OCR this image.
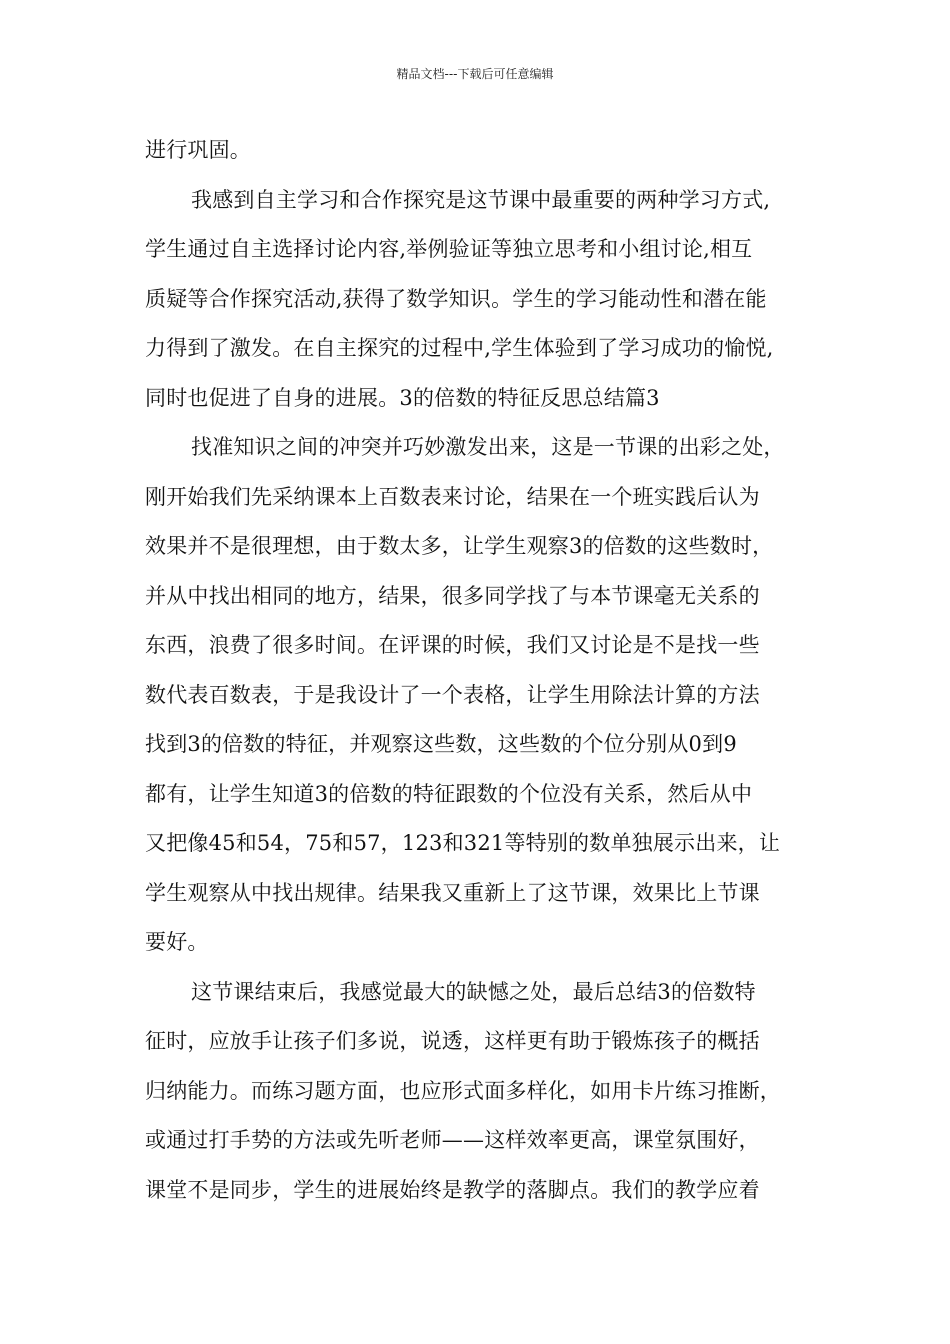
精品文档---下载后可任意编辑
进行巩固。
我感到自主学习和合作探究是这节课中最重要的两种学习方式,
学生通过自主选择讨论内容,举例验证等独立思考和小组讨论,相互
质疑等合作探究活动,获得了数学知识。学生的学习能动性和潜在能
力得到了激发。在自主探究的过程中,学生体验到了学习成功的愉悦,
同时也促进了自身的进展。3的倍数的特征反思总结篇3
找准知识之间的冲突并巧妙激发出来，这是一节课的出彩之处，
刚开始我们先采纳课本上百数表来讨论，结果在一个班实践后认为
效果并不是很理想，由于数太多，让学生观察3的倍数的这些数时，
并从中找出相同的地方，结果，很多同学找了与本节课毫无关系的
东西，浪费了很多时间。在评课的时候，我们又讨论是不是找一些
数代表百数表，于是我设计了一个表格，让学生用除法计算的方法
找到3的倍数的特征，并观察这些数，这些数的个位分别从0到9
都有，让学生知道3的倍数的特征跟数的个位没有关系，然后从中
又把像45和54，75和57，123和321等特别的数单独展示出来，让
学生观察从中找出规律。结果我又重新上了这节课，效果比上节课
要好。
这节课结束后，我感觉最大的缺憾之处，最后总结3的倍数特
征时，应放手让孩子们多说，说透，这样更有助于锻炼孩子的概括
归纳能力。而练习题方面，也应形式面多样化，如用卡片练习推断，
或通过打手势的方法或先听老师——这样效率更高，课堂氛围好，
课堂不是同步，学生的进展始终是教学的落脚点。我们的教学应着
